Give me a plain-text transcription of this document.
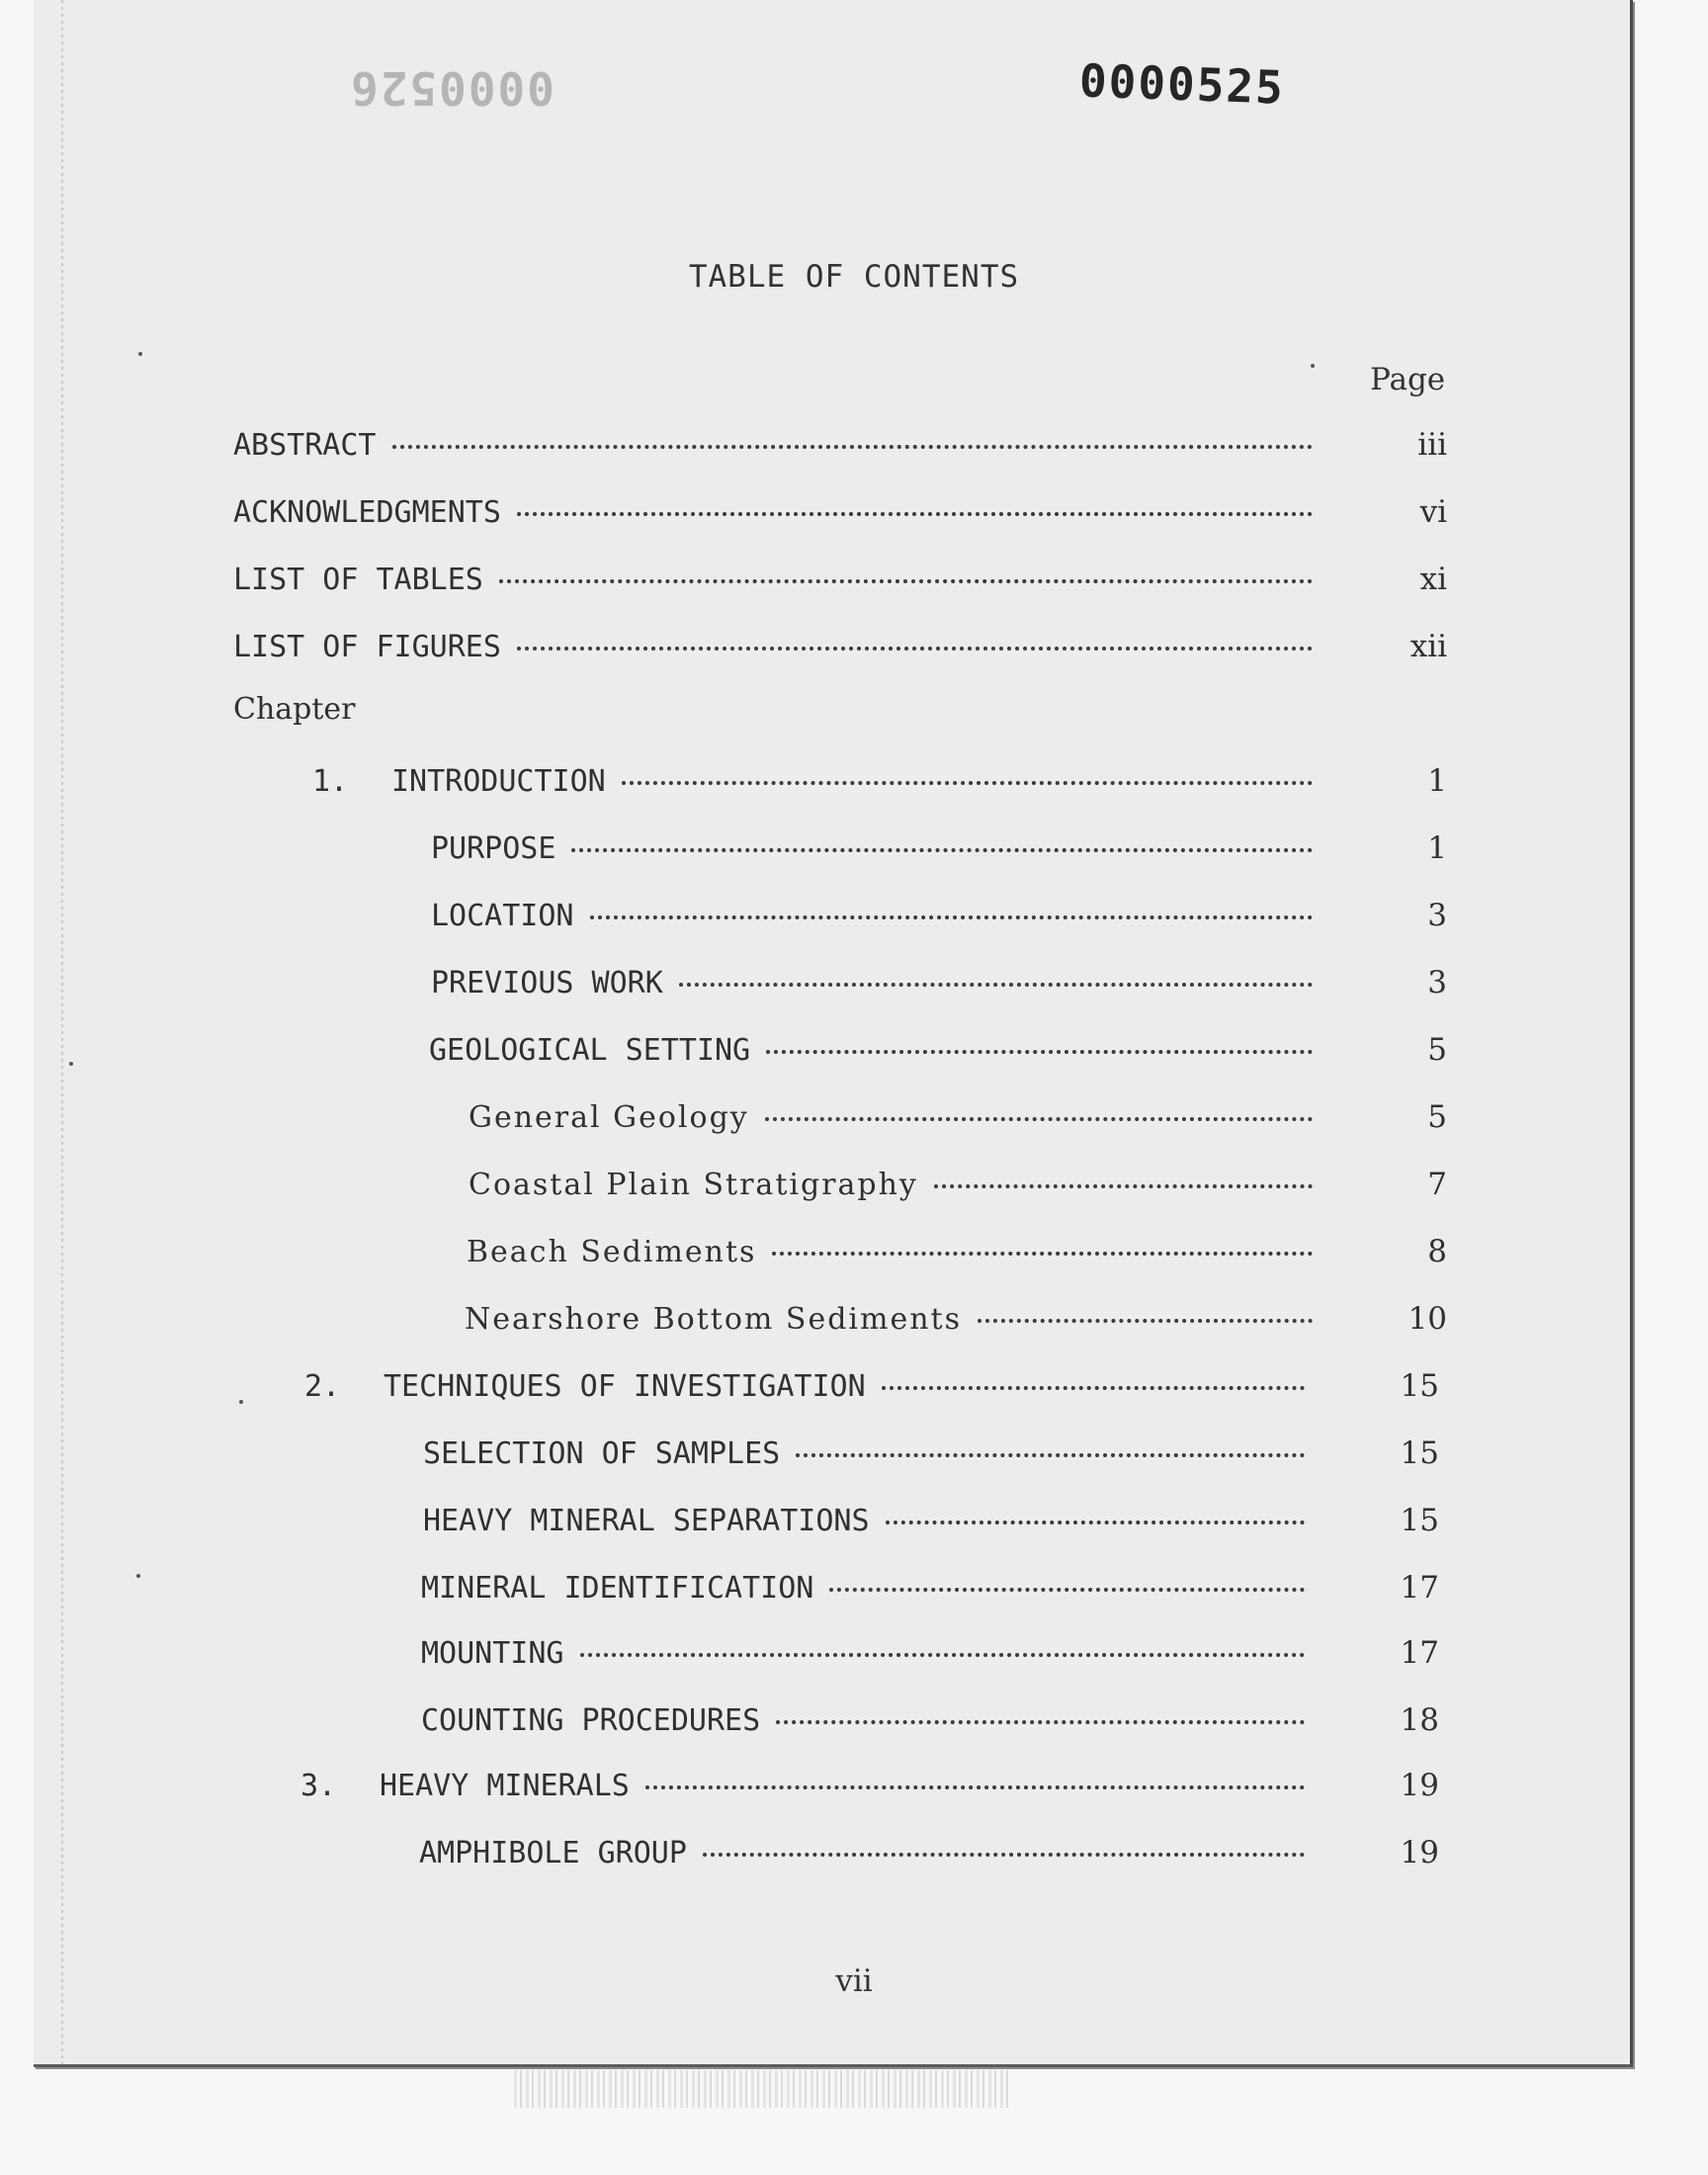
0000526	0000525
TABLE OF CONTENTS
Page
ABSTRACT	iii
ACKNOWLEDGMENTS	vi
LIST OF TABLES	xi
LIST OF FIGURES	xii
Chapter
1.	INTRODUCTION	1
PURPOSE	1
LOCATION	3
PREVIOUS WORK	3
GEOLOGICAL SETTING	5
General Geology	5
Coastal Plain Stratigraphy	7
Beach Sediments	8
Nearshore Bottom Sediments	10
2.	TECHNIQUES OF INVESTIGATION	15
SELECTION OF SAMPLES	15
HEAVY MINERAL SEPARATIONS	15
MINERAL IDENTIFICATION	17
MOUNTING	17
COUNTING PROCEDURES	18
3.	HEAVY MINERALS	19
AMPHIBOLE GROUP	19
vii
